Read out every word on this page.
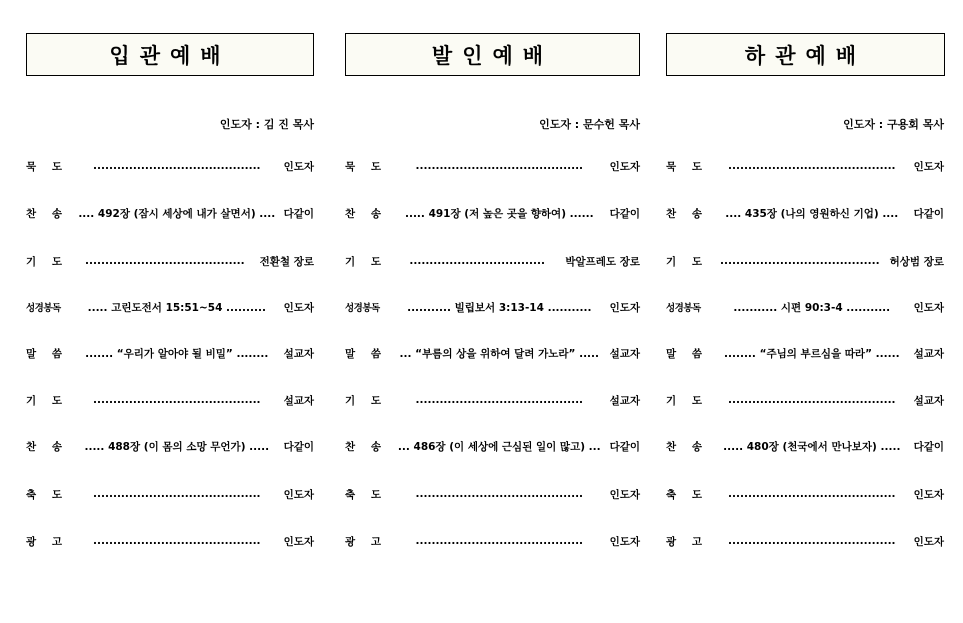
입관예배
인도자 : 김 진 목사
묵 도	..........................................	인도자
찬 송	.... 492장 (잠시 세상에 내가 살면서) .... 다같이
기 도	........................................	전환철 장로
성경봉독	..... 고린도전서 15:51~54 ..........	인도자
말 씀	....... “우리가 알아야 될 비밀” ........	설교자
기 도	..........................................	설교자
찬 송	..... 488장 (이 몸의 소망 무언가) .....	다같이
축 도	..........................................	인도자
광 고	..........................................	인도자
발인예배
인도자 : 문수헌 목사
묵 도	..........................................	인도자
찬 송	..... 491장 (저 높은 곳을 향하여) ......	다같이
기 도	..................................	박알프레도 장로
성경봉독	........... 빌립보서 3:13-14 ...........	인도자
말 씀	... “부름의 상을 위하여 달려 가노라” .....	설교자
기 도	..........................................	설교자
찬 송	... 486장 (이 세상에 근심된 일이 많고) ... 다같이
축 도	..........................................	인도자
광 고	..........................................	인도자
하관예배
인도자 : 구용회 목사
묵 도	..........................................	인도자
찬 송	.... 435장 (나의 영원하신 기업) ....	다같이
기 도	........................................ 허상범 장로
성경봉독	........... 시편 90:3-4 ...........	인도자
말 씀	........ “주님의 부르심을 따라” ......	설교자
기 도	..........................................	설교자
찬 송	..... 480장 (천국에서 만나보자) .....	다같이
축 도	..........................................	인도자
광 고	..........................................	인도자
